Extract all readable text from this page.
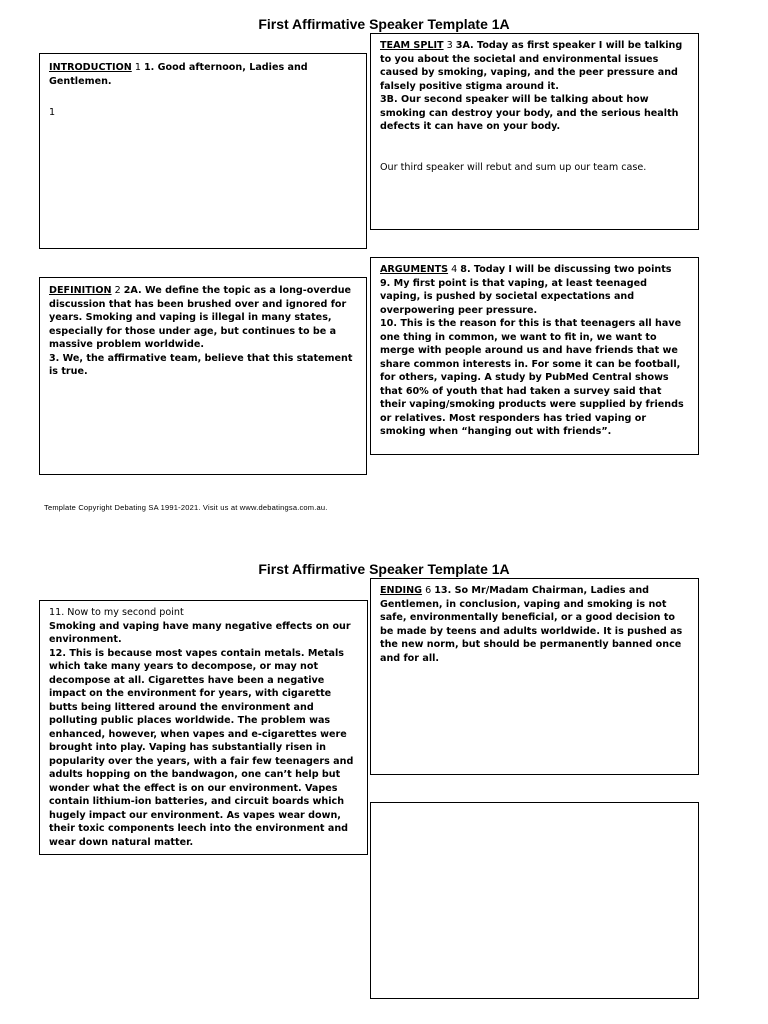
First Affirmative Speaker Template 1A

INTRODUCTION 1 1. Good afternoon, Ladies and Gentlemen.

1

TEAM SPLIT 3 3A. Today as first speaker I will be talking to you about the societal and environmental issues caused by smoking, vaping, and the peer pressure and falsely positive stigma around it.

3B. Our second speaker will be talking about how smoking can destroy your body, and the serious health defects it can have on your body.

Our third speaker will rebut and sum up our team case.

DEFINITION 2 2A. We define the topic as a long-overdue discussion that has been brushed over and ignored for years. Smoking and vaping is illegal in many states, especially for those under age, but continues to be a massive problem worldwide.

3. We, the affirmative team, believe that this statement is true.

ARGUMENTS 4 8. Today I will be discussing two points

9. My first point is that vaping, at least teenaged vaping, is pushed by societal expectations and overpowering peer pressure.

10. This is the reason for this is that teenagers all have one thing in common, we want to fit in, we want to merge with people around us and have friends that we share common interests in. For some it can be football, for others, vaping. A study by PubMed Central shows that 60% of youth that had taken a survey said that their vaping/smoking products were supplied by friends or relatives. Most responders has tried vaping or smoking when “hanging out with friends”.

Template Copyright Debating SA 1991-2021. Visit us at www.debatingsa.com.au.
First Affirmative Speaker Template 1A

11. Now to my second point

Smoking and vaping have many negative effects on our environment.

12. This is because most vapes contain metals. Metals which take many years to decompose, or may not decompose at all. Cigarettes have been a negative impact on the environment for years, with cigarette butts being littered around the environment and polluting public places worldwide. The problem was enhanced, however, when vapes and e-cigarettes were brought into play. Vaping has substantially risen in popularity over the years, with a fair few teenagers and adults hopping on the bandwagon, one can’t help but wonder what the effect is on our environment. Vapes contain lithium-ion batteries, and circuit boards which hugely impact our environment. As vapes wear down, their toxic components leech into the environment and wear down natural matter.

ENDING 6 13. So Mr/Madam Chairman, Ladies and Gentlemen, in conclusion, vaping and smoking is not safe, environmentally beneficial, or a good decision to be made by teens and adults worldwide. It is pushed as the new norm, but should be permanently banned once and for all.
